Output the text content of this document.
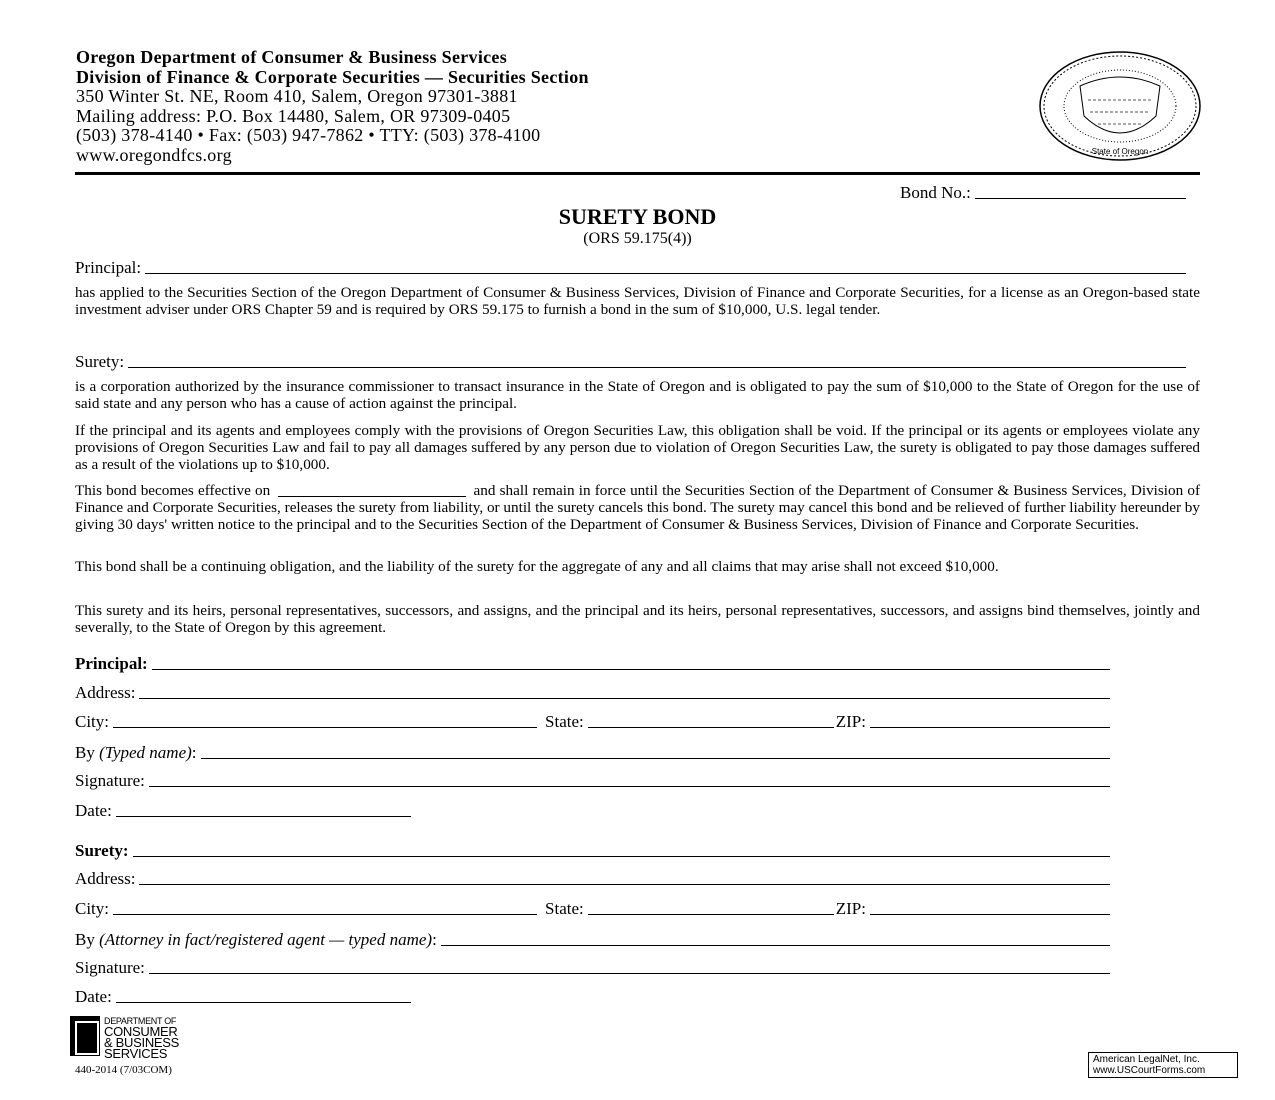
Oregon Department of Consumer & Business Services
Division of Finance & Corporate Securities — Securities Section
350 Winter St. NE, Room 410, Salem, Oregon 97301-3881
Mailing address: P.O. Box 14480, Salem, OR 97309-0405
(503) 378-4140 • Fax: (503) 947-7862 • TTY: (503) 378-4100
www.oregondfcs.org	State of Oregon
Bond No.:
SURETY BOND
(ORS 59.175(4))
Principal:
has applied to the Securities Section of the Oregon Department of Consumer & Business Services, Division of Finance and Corporate Securities, for a license as an Oregon-based state investment adviser under ORS Chapter 59 and is required by ORS 59.175 to furnish a bond in the sum of $10,000, U.S. legal tender.
Surety:
is a corporation authorized by the insurance commissioner to transact insurance in the State of Oregon and is obligated to pay the sum of $10,000 to the State of Oregon for the use of said state and any person who has a cause of action against the principal.
If the principal and its agents and employees comply with the provisions of Oregon Securities Law, this obligation shall be void. If the principal or its agents or employees violate any provisions of Oregon Securities Law and fail to pay all damages suffered by any person due to violation of Oregon Securities Law, the surety is obligated to pay those damages suffered as a result of the violations up to $10,000.
This bond becomes effective on	and shall remain in force until the Securities Section of the Department of Consumer & Business Services, Division of Finance and Corporate Securities, releases the surety from liability, or until the surety cancels this bond. The surety may cancel this bond and be relieved of further liability hereunder by giving 30 days' written notice to the principal and to the Securities Section of the Department of Consumer & Business Services, Division of Finance and Corporate Securities.
This bond shall be a continuing obligation, and the liability of the surety for the aggregate of any and all claims that may arise shall not exceed $10,000.
This surety and its heirs, personal representatives, successors, and assigns, and the principal and its heirs, personal representatives, successors, and assigns bind themselves, jointly and severally, to the State of Oregon by this agreement.
Principal:
Address:
City:	State:	ZIP:
By (Typed name) :
Signature:
Date:
Surety:
Address:
City:	State:	ZIP:
By (Attorney in fact/registered agent — typed name) :
Signature:
Date:
DEPARTMENT OF
CONSUMER
& BUSINESS
SERVICES
440-2014 (7/03COM)
American LegalNet, Inc.
www.USCourtForms.com
